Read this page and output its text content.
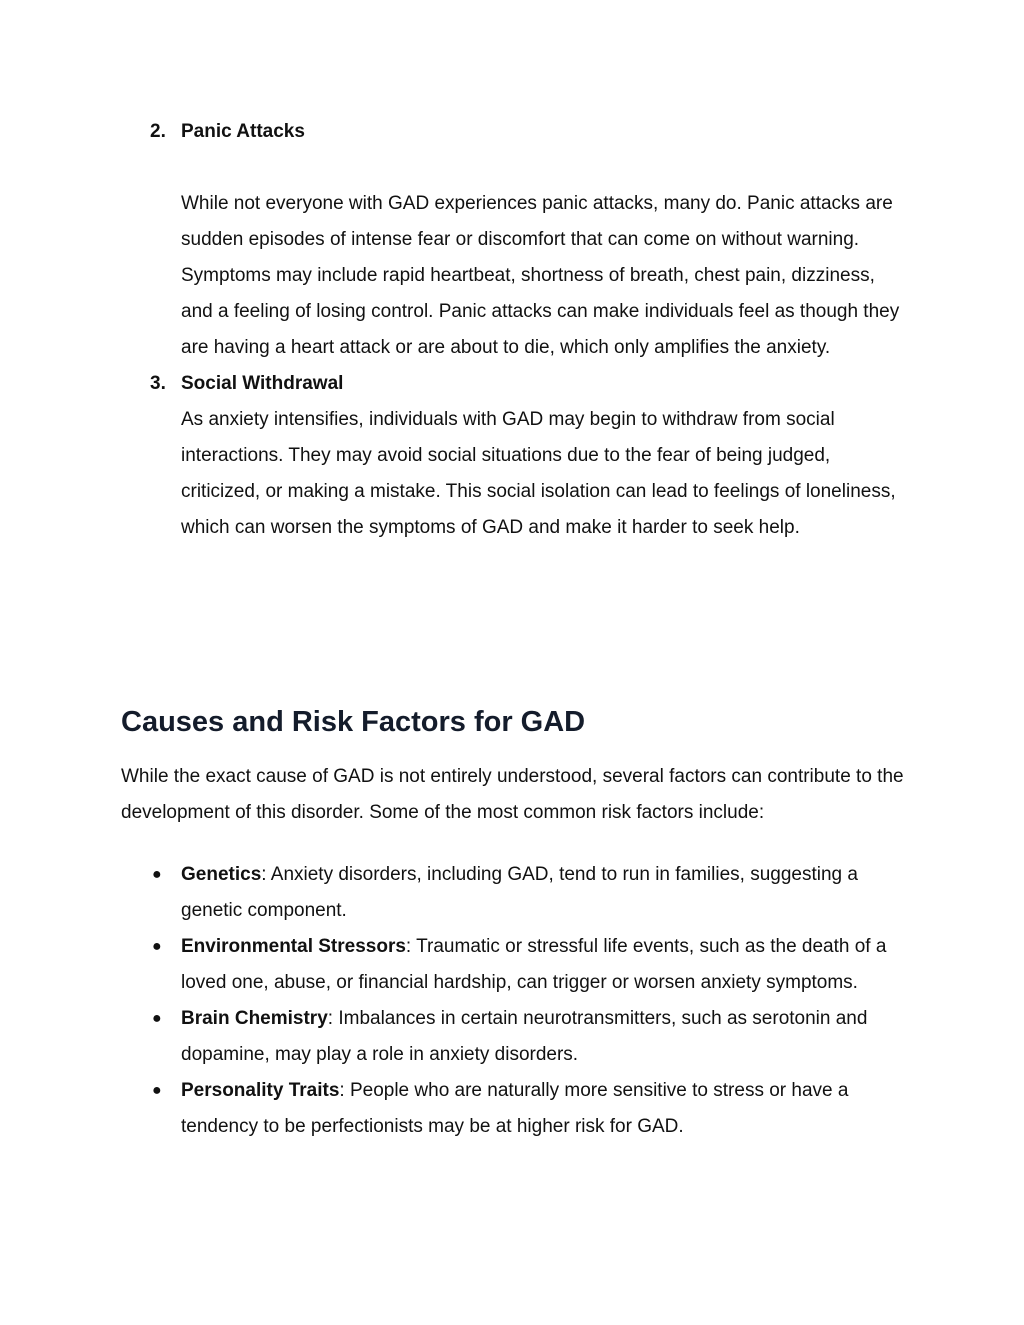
2. Panic Attacks

While not everyone with GAD experiences panic attacks, many do. Panic attacks are sudden episodes of intense fear or discomfort that can come on without warning. Symptoms may include rapid heartbeat, shortness of breath, chest pain, dizziness, and a feeling of losing control. Panic attacks can make individuals feel as though they are having a heart attack or are about to die, which only amplifies the anxiety.

3. Social Withdrawal

As anxiety intensifies, individuals with GAD may begin to withdraw from social interactions. They may avoid social situations due to the fear of being judged, criticized, or making a mistake. This social isolation can lead to feelings of loneliness, which can worsen the symptoms of GAD and make it harder to seek help.

Causes and Risk Factors for GAD

While the exact cause of GAD is not entirely understood, several factors can contribute to the development of this disorder. Some of the most common risk factors include:

● Genetics: Anxiety disorders, including GAD, tend to run in families, suggesting a genetic component.

● Environmental Stressors: Traumatic or stressful life events, such as the death of a loved one, abuse, or financial hardship, can trigger or worsen anxiety symptoms.

● Brain Chemistry: Imbalances in certain neurotransmitters, such as serotonin and dopamine, may play a role in anxiety disorders.

● Personality Traits: People who are naturally more sensitive to stress or have a tendency to be perfectionists may be at higher risk for GAD.
